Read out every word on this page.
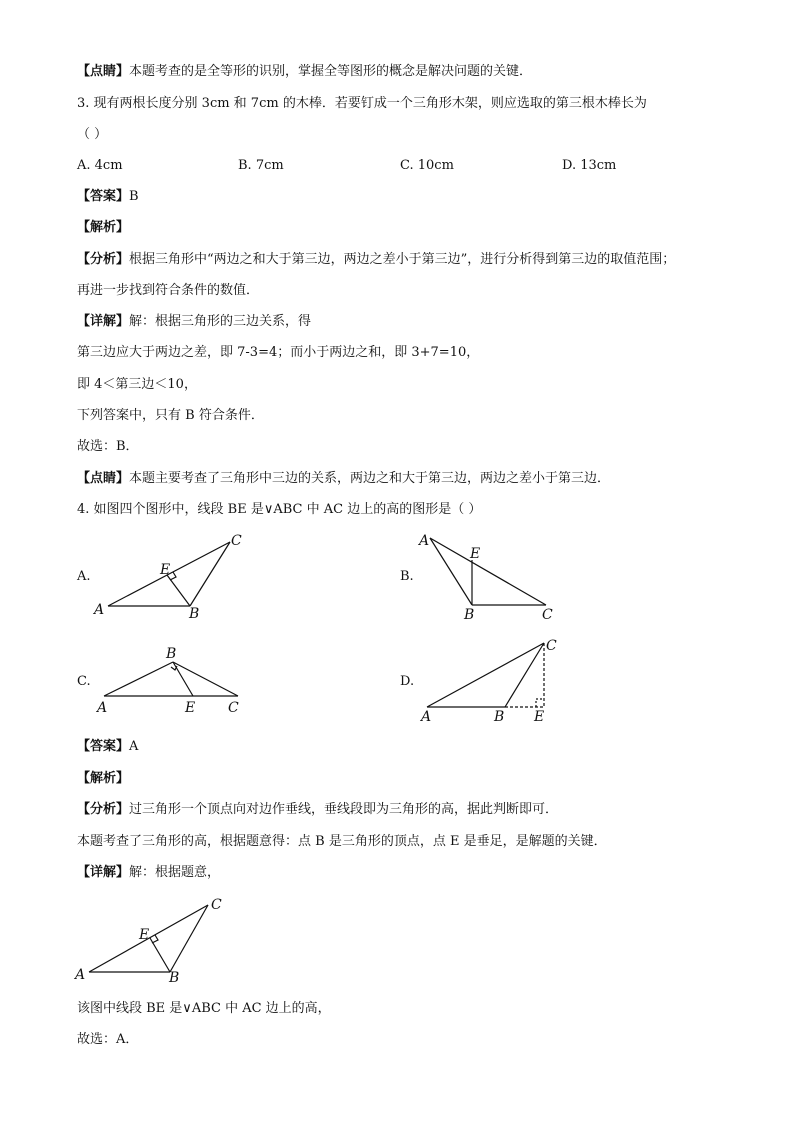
【点睛】本题考查的是全等形的识别，掌握全等图形的概念是解决问题的关键．
3. 现有两根长度分别 3cm 和 7cm 的木棒．若要钉成一个三角形木架，则应选取的第三根木棒长为
（ ）
A. 4cm	B. 7cm	C. 10cm	D. 13cm
【答案】B
【解析】
【分析】根据三角形中“两边之和大于第三边，两边之差小于第三边”，进行分析得到第三边的取值范围；
再进一步找到符合条件的数值．
【详解】解：根据三角形的三边关系，得
第三边应大于两边之差，即 7-3=4；而小于两边之和，即 3+7=10，
即 4＜第三边＜10，
下列答案中，只有 B 符合条件．
故选：B．
【点睛】本题主要考查了三角形中三边的关系，两边之和大于第三边，两边之差小于第三边．
4. 如图四个图形中，线段 BE 是∨ABC 中 AC 边上的高的图形是（ ）
A.	B.
C.	D.
A	B
C
E
A
B	C
E
A
B
C
E
A	B
C
E
【答案】A
【解析】
【分析】过三角形一个顶点向对边作垂线，垂线段即为三角形的高，据此判断即可．
本题考查了三角形的高，根据题意得：点 B 是三角形的顶点，点 E 是垂足，是解题的关键．
【详解】解：根据题意，
A	B
C
E
该图中线段 BE 是∨ABC 中 AC 边上的高，
故选：A．
